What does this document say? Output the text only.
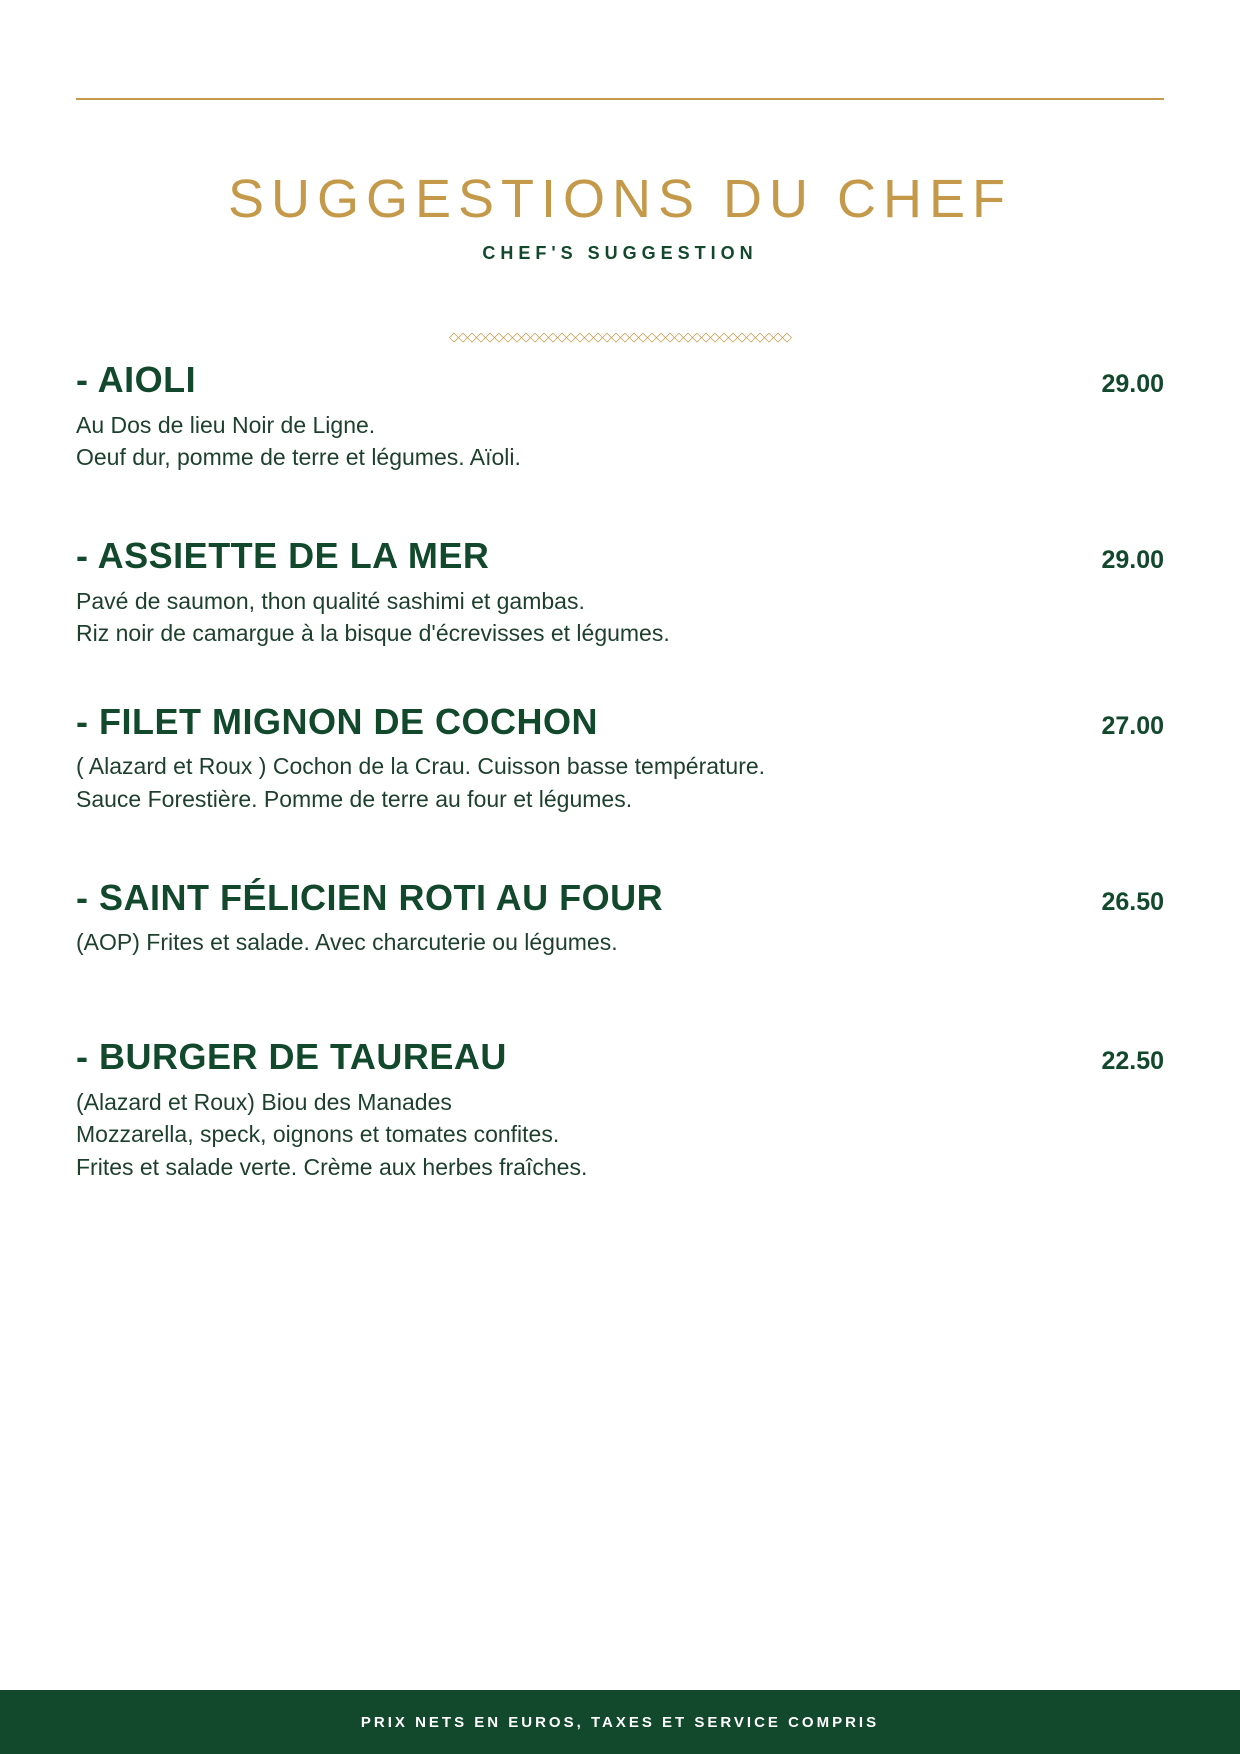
SUGGESTIONS DU CHEF
CHEF'S SUGGESTION
◇◇◇◇◇◇◇◇◇◇◇◇◇◇◇◇◇◇◇◇◇◇◇◇◇◇◇◇◇◇◇◇◇◇◇◇◇◇
- AIOLI	29.00
Au Dos de lieu Noir de Ligne.
Oeuf dur, pomme de terre et légumes. Aïoli.
- ASSIETTE DE LA MER	29.00
Pavé de saumon, thon qualité sashimi et gambas.
Riz noir de camargue à la bisque d'écrevisses et légumes.
- FILET MIGNON DE COCHON	27.00
( Alazard et Roux ) Cochon de la Crau. Cuisson basse température.
Sauce Forestière. Pomme de terre au four et légumes.
- SAINT FÉLICIEN ROTI AU FOUR	26.50
(AOP) Frites et salade. Avec charcuterie ou légumes.
- BURGER DE TAUREAU	22.50
(Alazard et Roux) Biou des Manades
Mozzarella, speck, oignons et tomates confites.
Frites et salade verte. Crème aux herbes fraîches.
PRIX NETS EN EUROS, TAXES ET SERVICE COMPRIS
